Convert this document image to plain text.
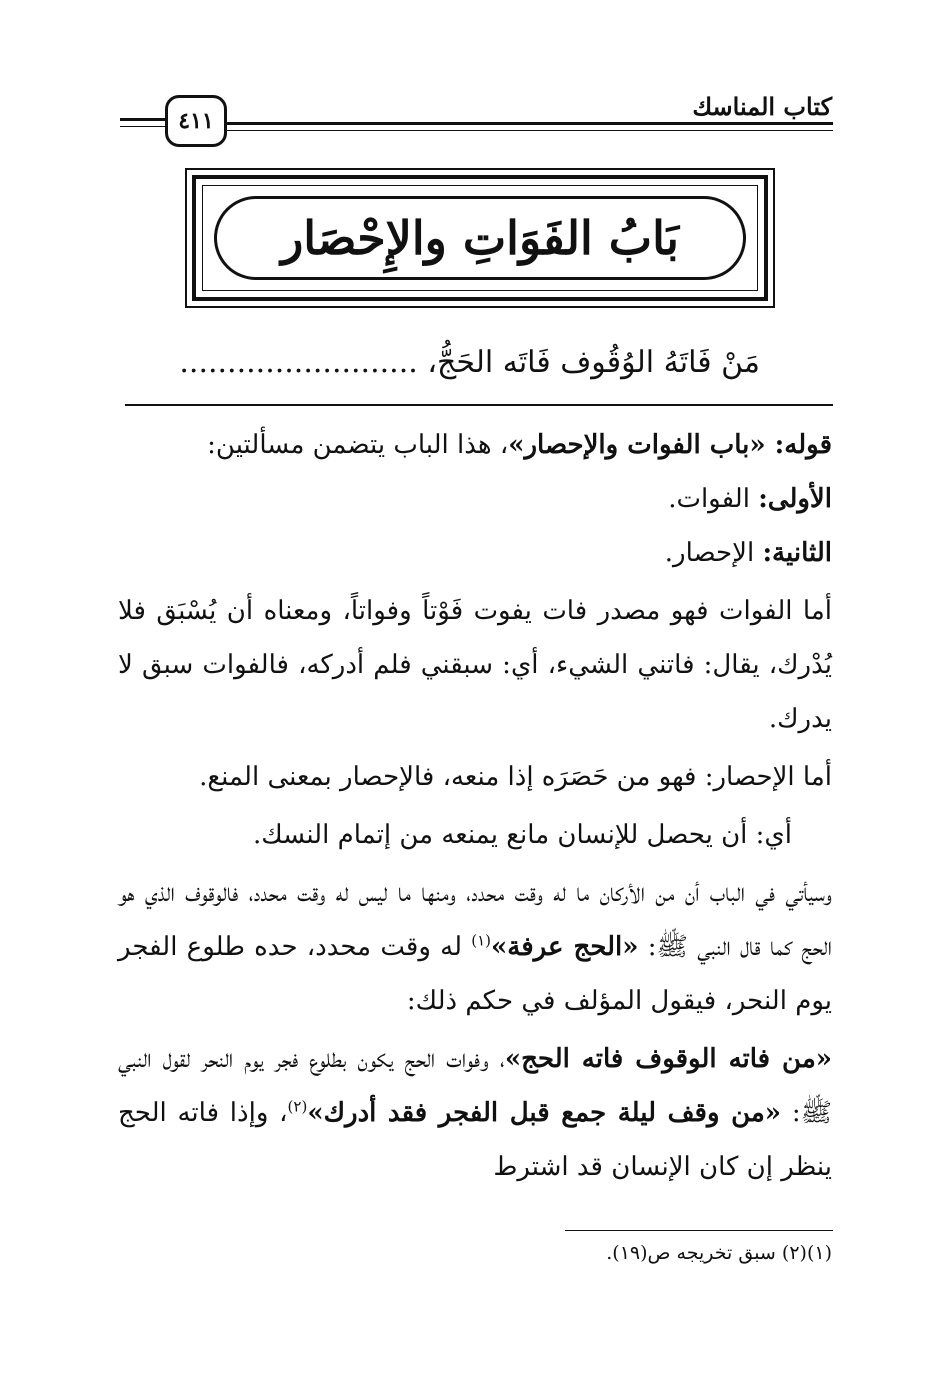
كتاب المناسك
٤١١
بَابُ الفَوَاتِ والإِحْصَار
مَنْ فَاتَهُ الوُقُوف فَاتَه الحَجُّ، .........................

قوله: «باب الفوات والإحصار»، هذا الباب يتضمن مسألتين:

الأولى: الفوات.

الثانية: الإحصار.

أما الفوات فهو مصدر فات يفوت فَوْتاً وفواتاً، ومعناه أن يُسْبَق فلا يُدْرك، يقال: فاتني الشيء، أي: سبقني فلم أدركه، فالفوات سبق لا يدرك.

أما الإحصار: فهو من حَصَرَه إذا منعه، فالإحصار بمعنى المنع.

أي: أن يحصل للإنسان مانع يمنعه من إتمام النسك.

وسيأتي في الباب أن من الأركان ما له وقت محدد، ومنها ما ليس له وقت محدد، فالوقوف الذي هو الحج كما قال النبي ﷺ: «الحج عرفة»$^{(١)}$ له وقت محدد، حده طلوع الفجر يوم النحر، فيقول المؤلف في حكم ذلك:

«من فاته الوقوف فاته الحج»، وفوات الحج يكون بطلوع فجر يوم النحر لقول النبي ﷺ: «من وقف ليلة جمع قبل الفجر فقد أدرك»$^{(٢)}$، وإذا فاته الحج ينظر إن كان الإنسان قد اشترط

(١)(٢) سبق تخريجه ص(١٩).
